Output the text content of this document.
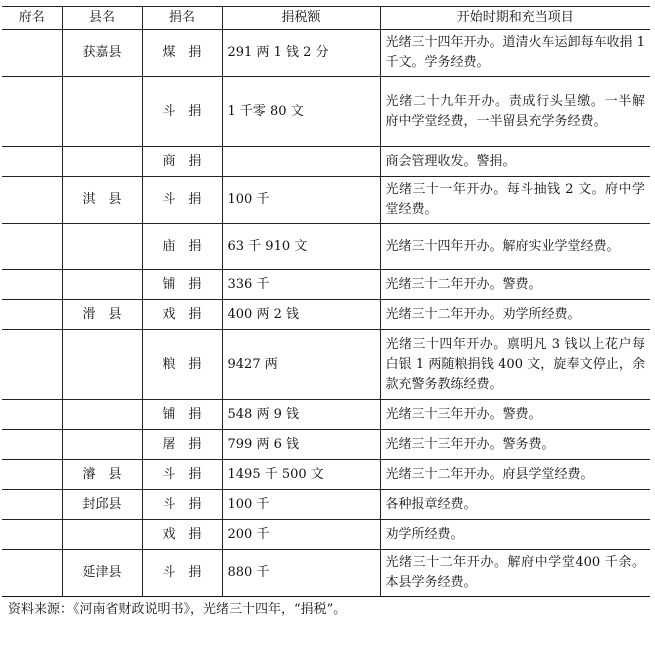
府名	县名	捐名	捐税额	开始时期和充当项目
	获嘉县	煤　捐	291 两 1 钱 2 分	光绪三十四年开办。道清火车运卸每车收捐 1 千文。学务经费。
		斗　捐	1 千零 80 文	光绪二十九年开办。责成行头呈缴。一半解府中学堂经费，一半留县充学务经费。
		商　捐		商会管理收发。警捐。
	淇　县	斗　捐	100 千	光绪三十一年开办。每斗抽钱 2 文。府中学堂经费。
		庙　捐	63 千 910 文	光绪三十四年开办。解府实业学堂经费。
		铺　捐	336 千	光绪三十二年开办。警费。
	滑　县	戏　捐	400 两 2 钱	光绪三十二年开办。劝学所经费。
		粮　捐	9427 两	光绪三十四年开办。禀明凡 3 钱以上花户每白银 1 两随粮捐钱 400 文，旋奉文停止，余款充警务教练经费。
		铺　捐	548 两 9 钱	光绪三十三年开办。警费。
		屠　捐	799 两 6 钱	光绪三十三年开办。警务费。
	濬　县	斗　捐	1495 千 500 文	光绪三十二年开办。府县学堂经费。
	封邱县	斗　捐	100 千	各种报章经费。
		戏　捐	200 千	劝学所经费。
	延津县	斗　捐	880 千	光绪三十二年开办。解府中学堂400 千余。本县学务经费。
资料来源：《河南省财政说明书》，光绪三十四年，“捐税”。
